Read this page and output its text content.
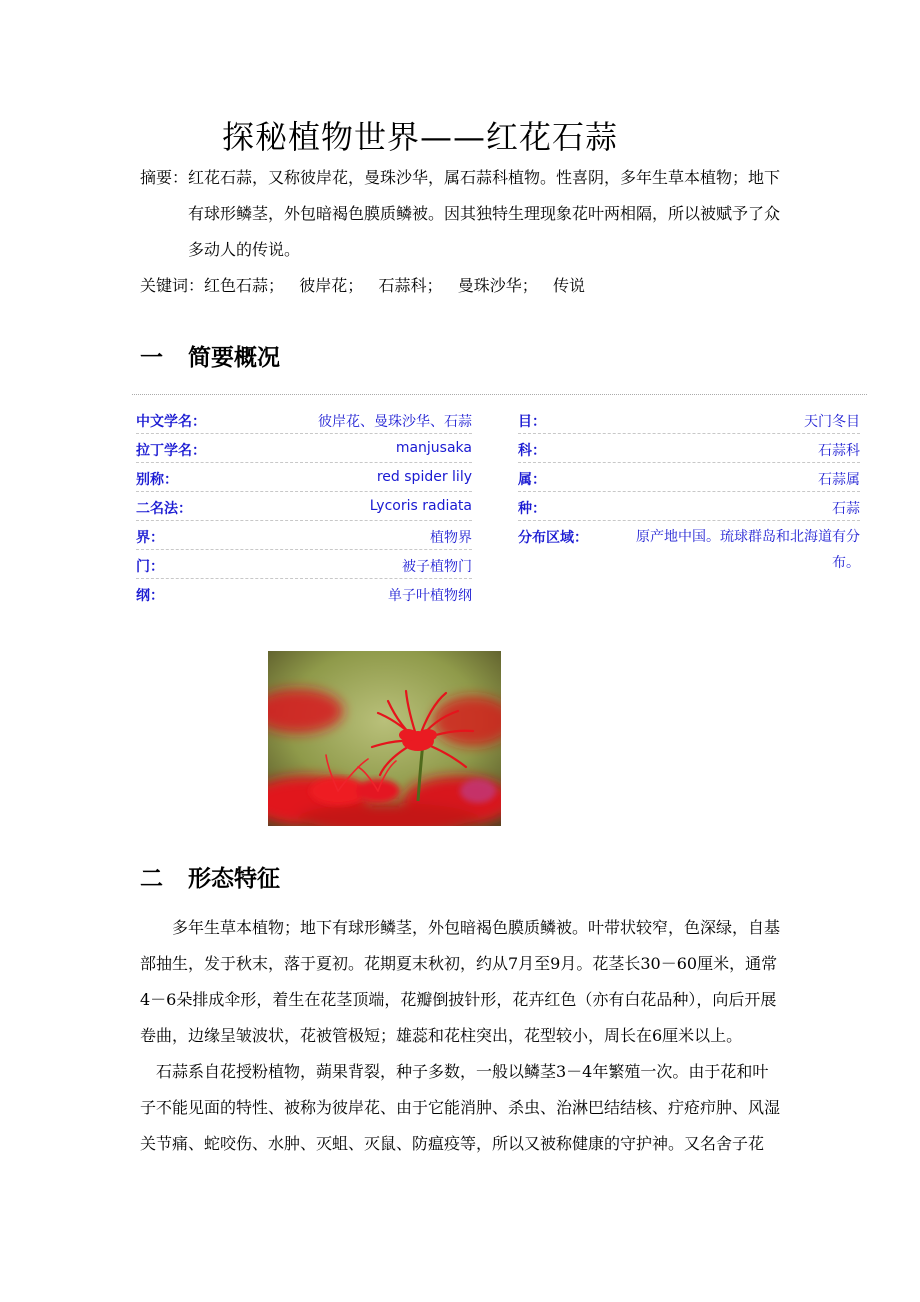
探秘植物世界——红花石蒜
摘要：红花石蒜，又称彼岸花，曼珠沙华，属石蒜科植物。性喜阴，多年生草本植物；地下
有球形鳞茎，外包暗褐色膜质鳞被。因其独特生理现象花叶两相隔，所以被赋予了众
多动人的传说。
关键词：红色石蒜；   彼岸花；   石蒜科；   曼珠沙华；   传说
一 简要概况
中文学名：	彼岸花、曼珠沙华、石蒜
拉丁学名：	manjusaka
别称：	red spider lily
二名法：	Lycoris radiata
界：	植物界
门：	被子植物门
纲：	单子叶植物纲
目：	天门冬目
科：	石蒜科
属：	石蒜属
种：	石蒜
分布区域：	原产地中国。琉球群岛和北海道有分布。
二 形态特征

多年生草本植物；地下有球形鳞茎，外包暗褐色膜质鳞被。叶带状较窄，色深绿，自基部抽生，发于秋末，落于夏初。花期夏末秋初，约从7月至9月。花茎长30－60厘米，通常4－6朵排成伞形，着生在花茎顶端，花瓣倒披针形，花卉红色（亦有白花品种），向后开展卷曲，边缘呈皱波状，花被管极短；雄蕊和花柱突出，花型较小，周长在6厘米以上。

石蒜系自花授粉植物，蒴果背裂，种子多数，一般以鳞茎3－4年繁殖一次。由于花和叶子不能见面的特性、被称为彼岸花、由于它能消肿、杀虫、治淋巴结结核、疔疮疖肿、风湿关节痛、蛇咬伤、水肿、灭蛆、灭鼠、防瘟疫等，所以又被称健康的守护神。又名舍子花
